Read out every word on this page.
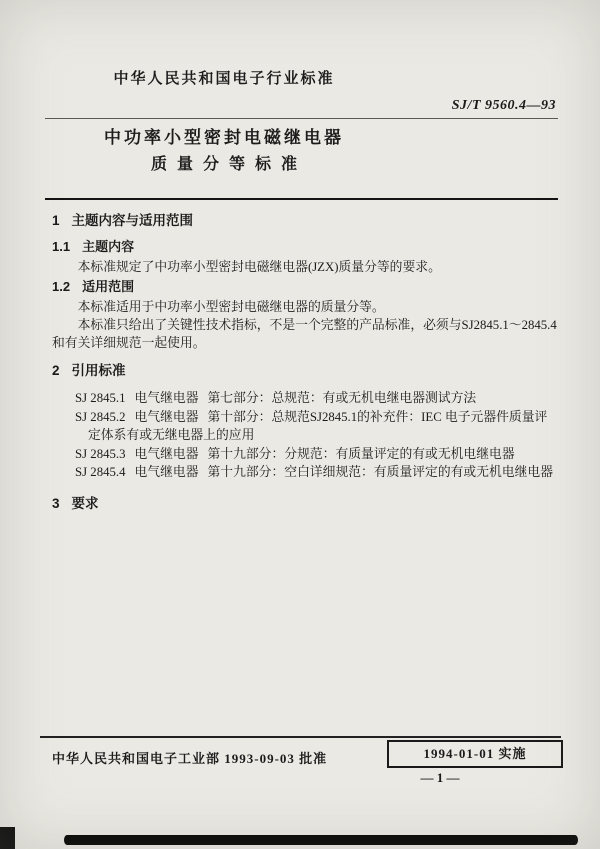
中华人民共和国电子行业标准
SJ/T 9560.4—93
中功率小型密封电磁继电器
质量分等标准
1 主题内容与适用范围
1.1 主题内容
本标准规定了中功率小型密封电磁继电器(JZX)质量分等的要求。
1.2 适用范围
本标准适用于中功率小型密封电磁继电器的质量分等。
本标准只给出了关键性技术指标，不是一个完整的产品标准，必须与SJ2845.1～2845.4
和有关详细规范一起使用。
2 引用标准
SJ 2845.1 电气继电器 第七部分：总规范：有或无机电继电器测试方法
SJ 2845.2 电气继电器 第十部分：总规范SJ2845.1的补充件：IEC 电子元器件质量评
定体系有或无继电器上的应用
SJ 2845.3 电气继电器 第十九部分：分规范：有质量评定的有或无机电继电器
SJ 2845.4 电气继电器 第十九部分：空白详细规范：有质量评定的有或无机电继电器
3 要求
中华人民共和国电子工业部 1993-09-03 批准	1994-01-01 实施
— 1 —
